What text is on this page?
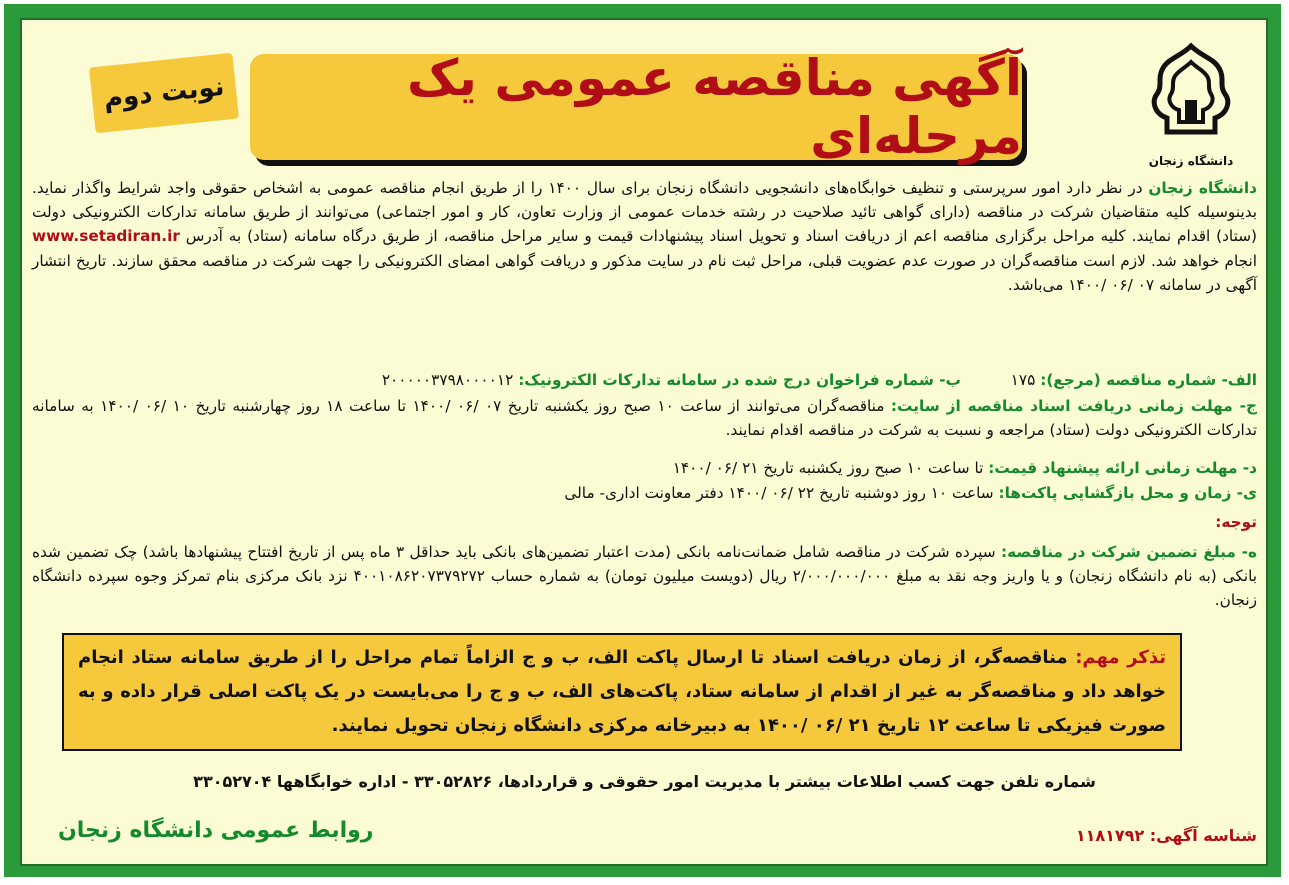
دانشگاه زنجان
آگهی مناقصه عمومی یک مرحله‌ای
نوبت دوم
دانشگاه زنجان در نظر دارد امور سرپرستی و تنظیف خوابگاه‌های دانشجویی دانشگاه زنجان برای سال ۱۴۰۰ را از طریق انجام مناقصه عمومی به اشخاص حقوقی واجد شرایط واگذار نماید. بدینوسیله کلیه متقاضیان شرکت در مناقصه (دارای گواهی تائید صلاحیت در رشته خدمات عمومی از وزارت تعاون، کار و امور اجتماعی) می‌توانند از طریق سامانه تدارکات الکترونیکی دولت (ستاد) اقدام نمایند. کلیه مراحل برگزاری مناقصه اعم از دریافت اسناد و تحویل اسناد پیشنهادات قیمت و سایر مراحل مناقصه، از طریق درگاه سامانه (ستاد) به آدرس www.setadiran.ir انجام خواهد شد. لازم است مناقصه‌گران در صورت عدم عضویت قبلی، مراحل ثبت نام در سایت مذکور و دریافت گواهی امضای الکترونیکی را جهت شرکت در مناقصه محقق سازند. تاریخ انتشار آگهی در سامانه ۰۷ /۰۶ /۱۴۰۰ می‌باشد.
الف- شماره مناقصه (مرجع): ۱۷۵  ب- شماره فراخوان درج شده در سامانه تدارکات الکترونیک: ۲۰۰۰۰۰۳۷۹۸۰۰۰۰۱۲
ج- مهلت زمانی دریافت اسناد مناقصه از سایت: مناقصه‌گران می‌توانند از ساعت ۱۰ صبح روز یکشنبه تاریخ ۰۷ /۰۶ /۱۴۰۰ تا ساعت ۱۸ روز چهارشنبه تاریخ ۱۰ /۰۶ /۱۴۰۰ به سامانه تدارکات الکترونیکی دولت (ستاد) مراجعه و نسبت به شرکت در مناقصه اقدام نمایند.
د- مهلت زمانی ارائه پیشنهاد قیمت: تا ساعت ۱۰ صبح روز یکشنبه تاریخ ۲۱ /۰۶ /۱۴۰۰
ی- زمان و محل بازگشایی پاکت‌ها: ساعت ۱۰ روز دوشنبه تاریخ ۲۲ /۰۶ /۱۴۰۰ دفتر معاونت اداری- مالی
توجه:
ه- مبلغ تضمین شرکت در مناقصه: سپرده شرکت در مناقصه شامل ضمانت‌نامه بانکی (مدت اعتبار تضمین‌های بانکی باید حداقل ۳ ماه پس از تاریخ افتتاح پیشنهادها باشد) چک تضمین شده بانکی (به نام دانشگاه زنجان) و یا واریز وجه نقد به مبلغ ۲/۰۰۰/۰۰۰/۰۰۰ ریال (دویست میلیون تومان) به شماره حساب ۴۰۰۱۰۸۶۲۰۷۳۷۹۲۷۲ نزد بانک مرکزی بنام تمرکز وجوه سپرده دانشگاه زنجان.
تذکر مهم: مناقصه‌گر، از زمان دریافت اسناد تا ارسال پاکت الف، ب و ج الزاماً تمام مراحل را از طریق سامانه ستاد انجام خواهد داد و مناقصه‌گر به غیر از اقدام از سامانه ستاد، پاکت‌های الف، ب و ج را می‌بایست در یک پاکت اصلی قرار داده و به صورت فیزیکی تا ساعت ۱۲ تاریخ ۲۱ /۰۶ /۱۴۰۰ به دبیرخانه مرکزی دانشگاه زنجان تحویل نمایند.
شماره تلفن جهت کسب اطلاعات بیشتر با مدیریت امور حقوقی و قراردادها، ۳۳۰۵۲۸۲۶ - اداره خوابگاهها ۳۳۰۵۲۷۰۴
روابط عمومی دانشگاه زنجان	شناسه آگهی: ۱۱۸۱۷۹۲
